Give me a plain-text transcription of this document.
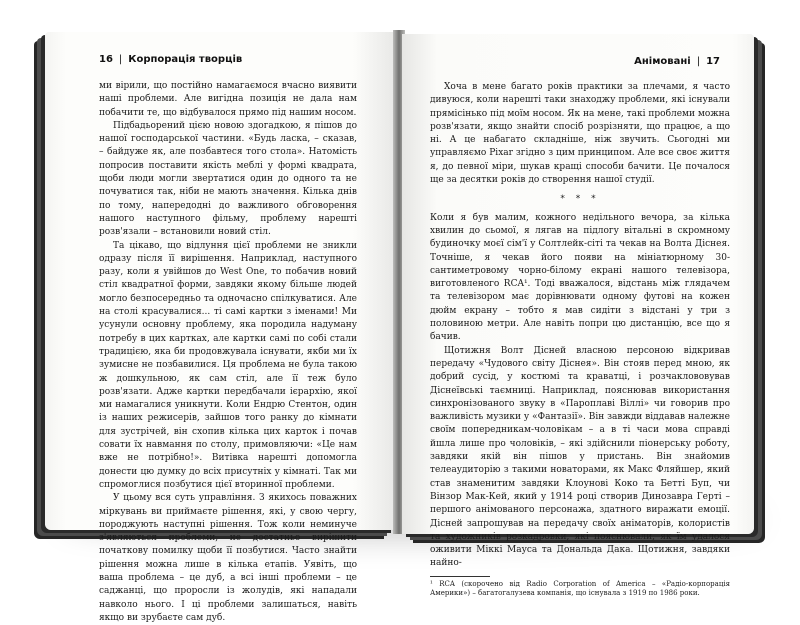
16 | Корпорація творців

ми вірили, що постійно намагаємося вчасно виявити наші проблеми. Але вигідна позиція не дала нам побачити те, що відбувалося прямо під нашим носом.

Підбадьорений цією новою здогадкою, я пішов до нашої господарської частини. «Будь ласка, – сказав, – байдуже як, але позбавтеся того стола». Натомість попросив поставити якість меблі у формі квадрата, щоби люди могли звертатися один до одного та не почуватися так, ніби не мають значення. Кілька днів по тому, напередодні до важливого обговорення нашого наступного фільму, проблему нарешті розв'язали – встановили новий стіл.

Та цікаво, що відлуння цієї проблеми не зникли одразу після її вирішення. Наприклад, наступного разу, коли я увійшов до West One, то побачив новий стіл квадратної форми, завдяки якому більше людей могло безпосередньо та одночасно спілкуватися. Але на столі красувалися... ті самі картки з іменами! Ми усунули основну проблему, яка породила надуману потребу в цих картках, але картки самі по собі стали традицією, яка би продовжувала існувати, якби ми їх зумисне не позбавилися. Ця проблема не була такою ж дошкульною, як сам стіл, але її теж було розв'язати. Адже картки передбачали ієрархію, якої ми намагалися уникнути. Коли Ендрю Стентон, один із наших режисерів, зайшов того ранку до кімнати для зустрічей, він схопив кілька цих карток і почав совати їх навмання по столу, примовляючи: «Це нам вже не потрібно!». Витівка нарешті допомогла донести цю думку до всіх присутніх у кімнаті. Так ми спромоглися позбутися цієї вторинної проблеми.

У цьому вся суть управління. З якихось поважних міркувань ви приймаєте рішення, які, у свою чергу, породжують наступні рішення. Тож коли неминуче з'являються проблеми, не достатньо вирішити початкову помилку щоби її позбутися. Часто знайти рішення можна лише в кілька етапів. Уявіть, що ваша проблема – це дуб, а всі інші проблеми – це саджанці, що проросли із жолудів, які нападали навколо нього. І ці проблеми залишаться, навіть якщо ви зрубаєте сам дуб.

Анімовані | 17

Хоча в мене багато років практики за плечами, я часто дивуюся, коли нарешті таки знаходжу проблеми, які існували прямісінько під моїм носом. Як на мене, такі проблеми можна розв'язати, якщо знайти спосіб розрізняти, що працює, а що ні. А це набагато складніше, ніж звучить. Сьогодні ми управляємо Pixar згідно з цим принципом. Але все своє життя я, до певної міри, шукав кращі способи бачити. Це почалося ще за десятки років до створення нашої студії.

* * *

Коли я був малим, кожного недільного вечора, за кілька хвилин до сьомої, я лягав на підлогу вітальні в скромному будиночку моєї сім'ї у Солтлейк-сіті та чекав на Волта Діснея. Точніше, я чекав його появи на мініатюрному 30-сантиметровому чорно-білому екрані нашого телевізора, виготовленого RCA¹. Тоді вважалося, відстань між глядачем та телевізором має дорівнювати одному футові на кожен дюйм екрану – тобто я мав сидіти з відстані у три з половиною метри. Але навіть попри цю дистанцію, все що я бачив.

Щотижня Волт Дісней власною персоною відкривав передачу «Чудового світу Діснея». Він стояв перед мною, як добрий сусід, у костюмі та краватці, і розчаклововував Діснеївські таємниці. Наприклад, пояснював використання синхронізованого звуку в «Пароплаві Віллі» чи говорив про важливість музики у «Фантазії». Він завжди віддавав належне своїм попередникам-чоловікам – а в ті часи мова справді йшла лише про чоловіків, – які здійснили піонерську роботу, завдяки якій він пішов у пристань. Він знайомив телеаудиторію з такими новаторами, як Макс Фляйшер, який став знаменитим завдяки Клоуновi Коко та Бетті Буп, чи Вінзор Мак-Кей, який у 1914 році створив Динозавра Гертi – першого анімованого персонажа, здатного виражати емоції. Дісней запрошував на передачу своїх аніматорів, колористів та художників розкадровки, які пояснювали, як їм удалося оживити Міккі Мауса та Дональда Дака. Щотижня, завдяки найно-

¹ RCA (скорочено від Radio Corporation of America – «Радіо-корпорація Америки») – багатогалузева компанія, що існувала з 1919 по 1986 роки.
